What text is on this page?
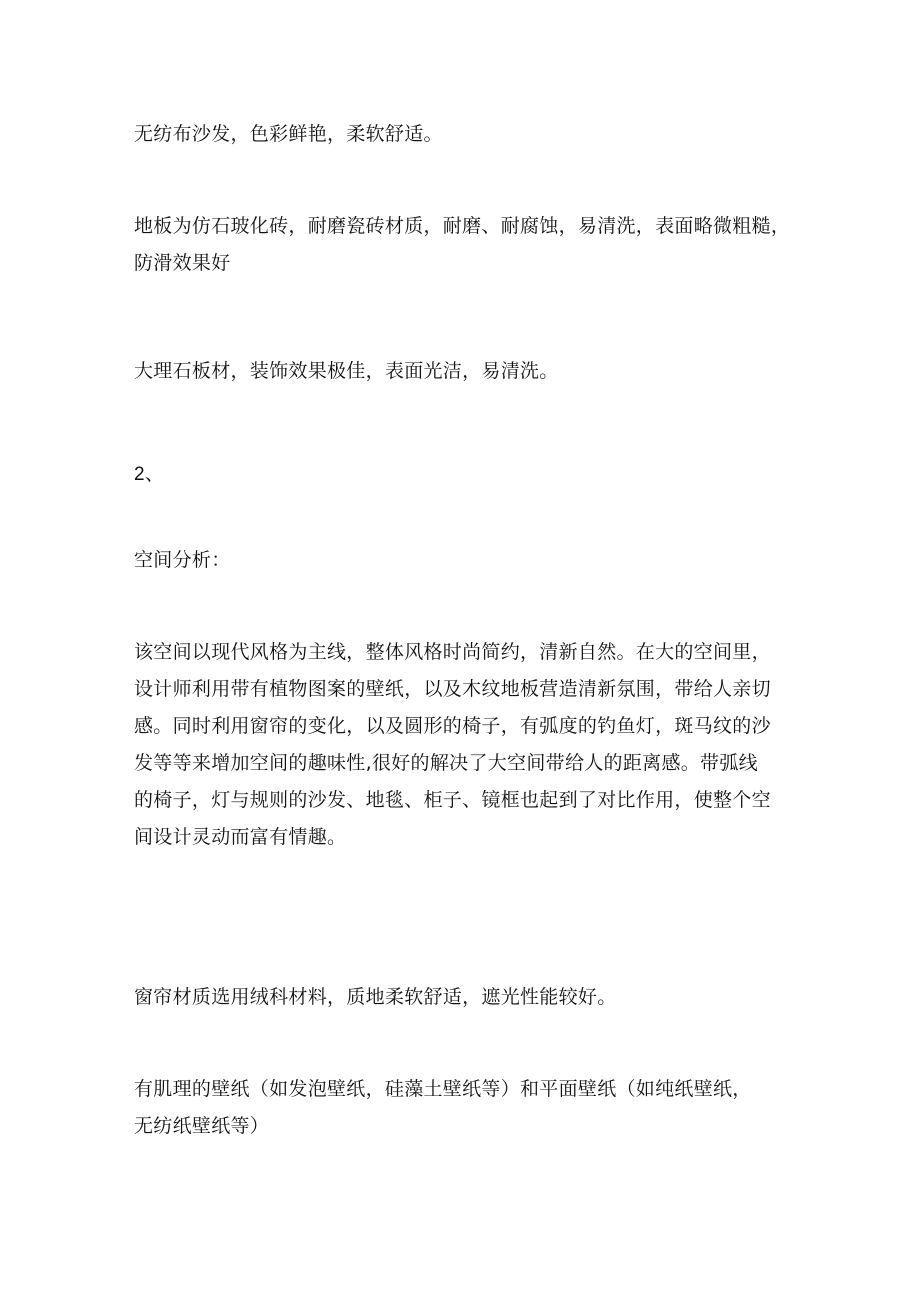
无纺布沙发，色彩鲜艳，柔软舒适。

地板为仿石玻化砖，耐磨瓷砖材质，耐磨、耐腐蚀，易清洗，表面略微粗糙，
防滑效果好

大理石板材，装饰效果极佳，表面光洁，易清洗。

2、

空间分析：

该空间以现代风格为主线，整体风格时尚简约，清新自然。在大的空间里，
设计师利用带有植物图案的壁纸，以及木纹地板营造清新氛围，带给人亲切
感。同时利用窗帘的变化，以及圆形的椅子，有弧度的钓鱼灯，斑马纹的沙
发等等来增加空间的趣味性,很好的解决了大空间带给人的距离感。带弧线
的椅子，灯与规则的沙发、地毯、柜子、镜框也起到了对比作用，使整个空
间设计灵动而富有情趣。

窗帘材质选用绒科材料，质地柔软舒适，遮光性能较好。

有肌理的壁纸（如发泡壁纸，硅藻土壁纸等）和平面壁纸（如纯纸壁纸，
无纺纸壁纸等）
